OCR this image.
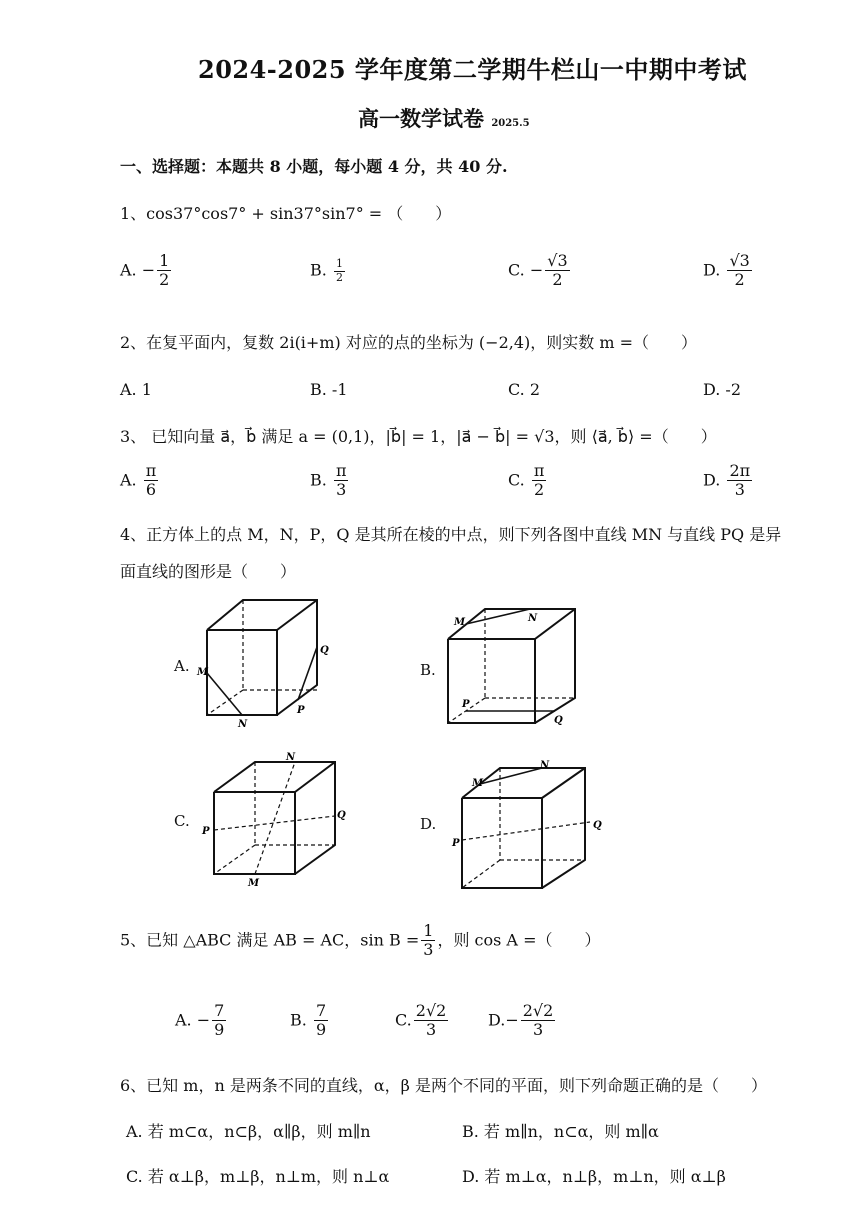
2024-2025 学年度第二学期牛栏山一中期中考试
高一数学试卷 2025.5
一、选择题：本题共 8 小题，每小题 4 分，共 40 分.
1、cos37°cos7° + sin37°sin7° = （　　）
A. − $\frac{1}{2}$	B. $\frac{1}{2}$	C. − $\frac{√3}{2}$	D. $\frac{√3}{2}$
2、在复平面内，复数 2i(i+m) 对应的点的坐标为 (−2,4)，则实数 m =（　　）
A. 1	B. -1	C. 2	D. -2
3、 已知向量 a⃗，b⃗ 满足 a = (0,1)，|b⃗| = 1，|a⃗ − b⃗| = √3，则 ⟨a⃗, b⃗⟩ =（　　）
A. $\frac{\pi}{6}$	B. $\frac{\pi}{3}$	C. $\frac{\pi}{2}$	D. $\frac{2\pi}{3}$
4、正方体上的点 M，N，P，Q 是其所在棱的中点，则下列各图中直线 MN 与直线 PQ 是异
面直线的图形是（　　）
A. M
N
P
Q
B.
M	N
P
Q
C.
P
Q
N
M
D.
M
N
P
Q
5、已知 △ABC 满足 AB = AC，$\sin B = \frac{1}{3}$ ，则 cos A =（　　）
A. − $\frac{7}{9}$	B. $\frac{7}{9}$	C. $\frac{2√2}{3} D.- \frac{2√2}{3}$
6、已知 m，n 是两条不同的直线，α，β 是两个不同的平面，则下列命题正确的是（　　）
A. 若 m⊂α，n⊂β，α∥β，则 m∥n	B. 若 m∥n，n⊂α，则 m∥α
C. 若 α⊥β，m⊥β，n⊥m，则 n⊥α	D. 若 m⊥α，n⊥β，m⊥n，则 α⊥β
